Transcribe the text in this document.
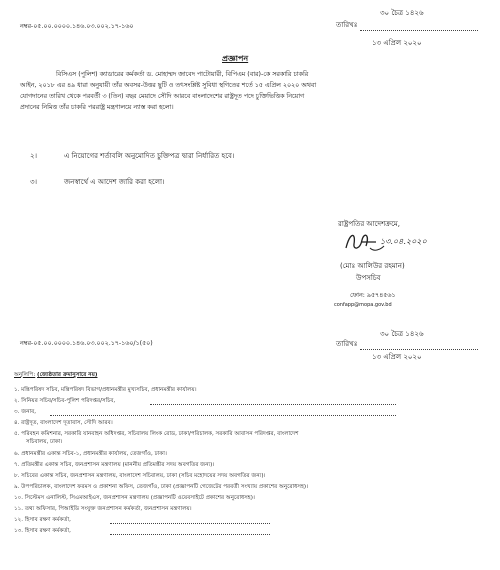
৩০ চৈত্র ১৪২৬
নম্বর-০৫.০০.০০০০.১৪৬.০৩.০০২.১৭-১৬০	তারিখঃ
১৩ এপ্রিল ২০২০
প্রজ্ঞাপন
বিসিএস (পুলিশ) ক্যাডারের কর্মকর্তা ড. মোহাম্মদ জাবেদ পাটোয়ারী, বিপিএম (বার)-কে সরকারি চাকরি
আইন, ২০১৮ এর ৪৯ ধারা অনুযায়ী তাঁর অবসর-উত্তর ছুটি ও তৎসংশ্লিষ্ট সুবিধা স্থগিতের শর্তে ১৫ এপ্রিল ২০২০ অথবা
যোগদানের তারিখ থেকে পরবর্তী ৩ (তিন) বছর মেয়াদে সৌদি আরবে বাংলাদেশের রাষ্ট্রদূত পদে চুক্তিভিত্তিক নিয়োগ
প্রদানের নিমিত্ত তাঁর চাকরি পররাষ্ট্র মন্ত্রণালয়ে ন্যাস্ত করা হলো।
২।	এ নিয়োগের শর্তাবলি অনুমোদিত চুক্তিপত্র দ্বারা নির্ধারিত হবে।
৩।	জনস্বার্থে এ আদেশ জারি করা হলো।
রাষ্ট্রপতির আদেশক্রমে,
১৩.০৪.২০২০
(মোঃ আলিউর রহমান)
উপসচিব
ফোন: ৯৫৭৪৫৬১
confapp@mopa.gov.bd
৩০ চৈত্র ১৪২৬
নম্বর-০৫.০০.০০০০.১৪৬.০৩.০০২.১৭-১৬০/১(৫০)	তারিখঃ
১৩ এপ্রিল ২০২০
অনুলিপি: (জ্যেষ্ঠতার ক্রমানুসারে নয়)
১. মন্ত্রিপরিষদ সচিব, মন্ত্রিপরিষদ বিভাগ/প্রধানমন্ত্রীর মুখ্যসচিব, প্রধানমন্ত্রীর কার্যালয়।
২. সিনিয়র সচিব/সচিব-পুলিশ পরিদপ্তর/সচিব,
৩. জনাব,
৪. রাষ্ট্রদূত, বাংলাদেশ দূতাবাস, সৌদি আরব।
৫. পরিবহন কমিশনার, সরকারি যানবাহন অধিদপ্তর, সচিবালয় লিংক রোড, ঢাকা/পরিচালক, সরকারি আবাসন পরিদপ্তর, বাংলাদেশ
সচিবালয়, ঢাকা।
৬. প্রধানমন্ত্রীর একান্ত সচিব-১, প্রধানমন্ত্রীর কার্যালয়, তেজগাঁও, ঢাকা।
৭. প্রতিমন্ত্রীর একান্ত সচিব, জনপ্রশাসন মন্ত্রণালয় (মাননীয় প্রতিমন্ত্রীর সদয় অবগতির জন্য)।
৮. সচিবের একান্ত সচিব, জনপ্রশাসন মন্ত্রণালয়, বাংলাদেশ সচিবালয়, ঢাকা (সচিব মহোদয়ের সদয় অবগতির জন্য)।
৯. উপপরিচালক, বাংলাদেশ ফরমস ও প্রকাশনা অফিস, তেজগাঁও, ঢাকা (প্রজ্ঞাপনটি গেজেটের পরবর্তী সংখ্যায় প্রকাশের অনুরোধসহ)।
১০. সিস্টেমস এনালিস্ট, সিএমআইএস, জনপ্রশাসন মন্ত্রণালয় (প্রজ্ঞাপনটি ওয়েবসাইটে প্রকাশের অনুরোধসহ)।
১১. তথ্য অফিসার, পিআইডি সংযুক্ত জনপ্রশাসন কর্মকর্তা, জনপ্রশাসন মন্ত্রণালয়।
১২. হিসাব রক্ষণ কর্মকর্তা,
১৩. হিসাব রক্ষণ কর্মকর্তা,
